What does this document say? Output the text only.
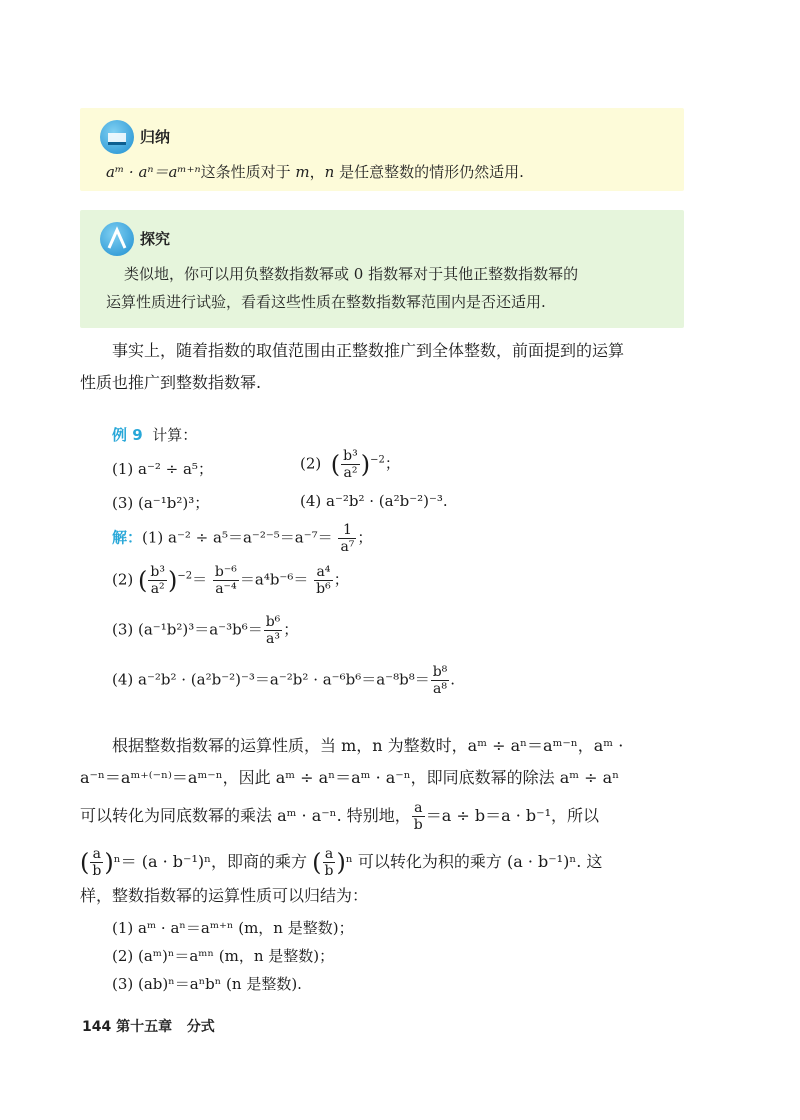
归纳
aᵐ · aⁿ＝aᵐ⁺ⁿ这条性质对于 m，n 是任意整数的情形仍然适用.
探究
类似地，你可以用负整数指数幂或 0 指数幂对于其他正整数指数幂的
运算性质进行试验，看看这些性质在整数指数幂范围内是否还适用.
事实上，随着指数的取值范围由正整数推广到全体整数，前面提到的运算
性质也推广到整数指数幂.
例 9 计算：
(1) a⁻² ÷ a⁵；	(2) ( $\frac{\text{b³}}{\text{a²}} )^{-2}$；
(3) (a⁻¹b²)³；	(4) a⁻²b² · (a²b⁻²)⁻³.
解：(1) $a^{-2} \div a^5=a^{-2-5}=a^{-7}= \frac{1}{\text{a⁷}}$ ；
(2) ( $\frac{\text{b³}}{\text{a²}} )^{-2}= \frac{\text{b⁻⁶}}{\text{a⁻⁴}} =a^4b^{-6}= \frac{\text{a⁴}}{\text{b⁶}}$ ；
(3) $(a^{-1}b^2)^3=a^{-3}b^6= \frac{\text{b⁶}}{\text{a³}}$ ；
(4) $a^{-2}b^2 \cdot (a^2b^{-2})^{-3}=a^{-2}b^2 \cdot a^{-6}b^6=a^{-8}b^8= \frac{\text{b⁸}}{\text{a⁸}}$ .
根据整数指数幂的运算性质，当 m，n 为整数时，aᵐ ÷ aⁿ＝aᵐ⁻ⁿ，aᵐ ·
a⁻ⁿ＝aᵐ⁺⁽⁻ⁿ⁾＝aᵐ⁻ⁿ，因此 aᵐ ÷ aⁿ＝aᵐ · a⁻ⁿ，即同底数幂的除法 aᵐ ÷ aⁿ
可以转化为同底数幂的乘法 aᵐ · a⁻ⁿ. 特别地， $\frac{a}{b} =a \div b=a \cdot b^{-1}$，所以
( $\frac{a}{b} )^n= (a \cdot b^{-1})^n$，即商的乘方 ( $\frac{a}{b} )^n$ 可以转化为积的乘方 (a · b⁻¹)ⁿ. 这
样，整数指数幂的运算性质可以归结为：
(1) aᵐ · aⁿ＝aᵐ⁺ⁿ (m，n 是整数)；
(2) (aᵐ)ⁿ＝aᵐⁿ (m，n 是整数)；
(3) (ab)ⁿ＝aⁿbⁿ (n 是整数).
144 第十五章 分式
